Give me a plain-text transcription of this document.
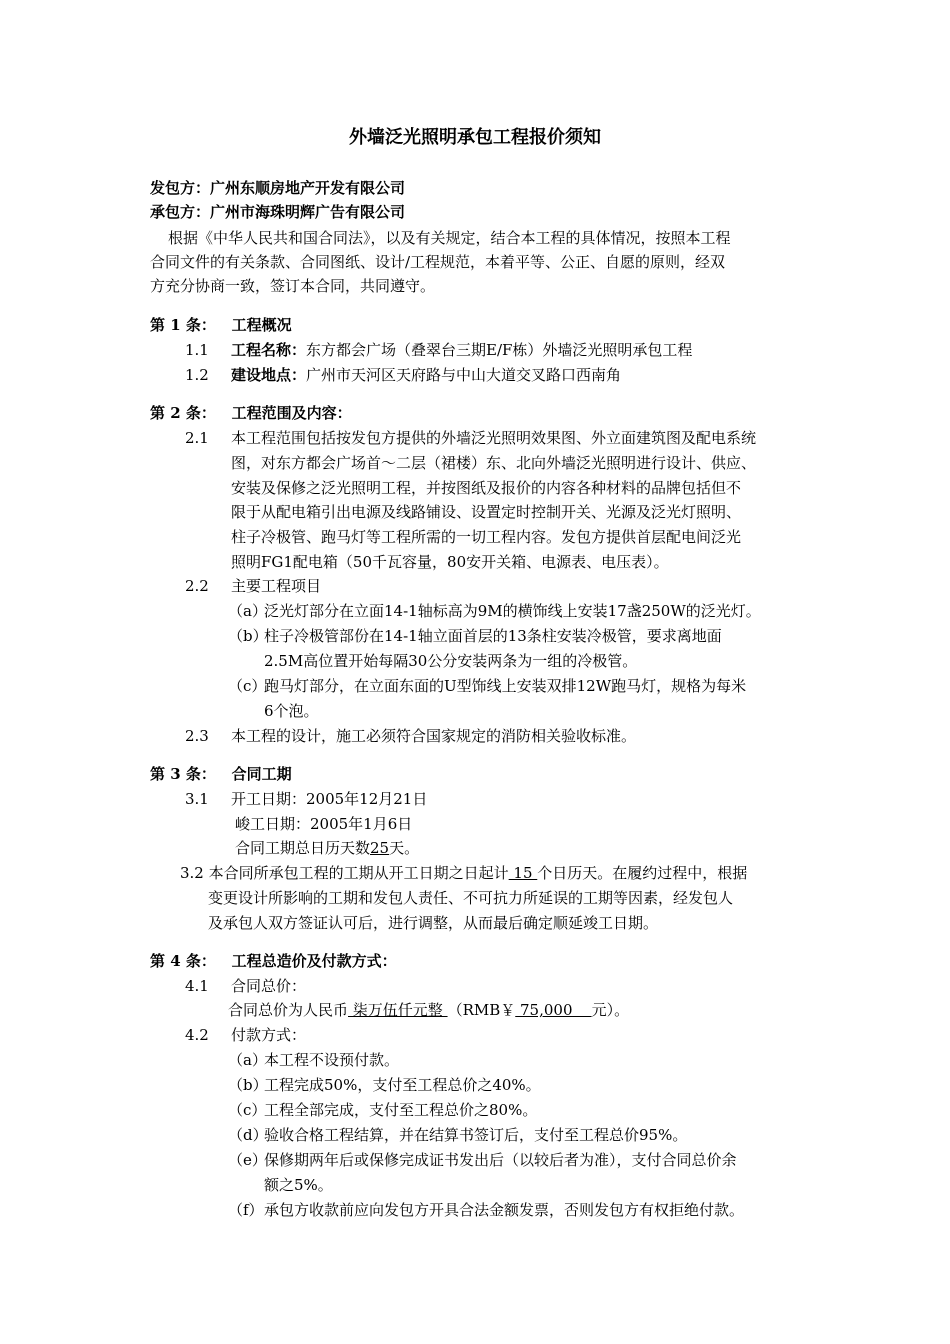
外墙泛光照明承包工程报价须知
发包方：广州东顺房地产开发有限公司
承包方：广州市海珠明辉广告有限公司
根据《中华人民共和国合同法》，以及有关规定，结合本工程的具体情况，按照本工程
合同文件的有关条款、合同图纸、设计/工程规范，本着平等、公正、自愿的原则，经双
方充分协商一致，签订本合同，共同遵守。
第 1 条： 工程概况
1.1 工程名称：东方都会广场（叠翠台三期E/F栋）外墙泛光照明承包工程
1.2 建设地点：广州市天河区天府路与中山大道交叉路口西南角
第 2 条： 工程范围及内容：
2.1 本工程范围包括按发包方提供的外墙泛光照明效果图、外立面建筑图及配电系统
图，对东方都会广场首～二层（裙楼）东、北向外墙泛光照明进行设计、供应、
安装及保修之泛光照明工程，并按图纸及报价的内容各种材料的品牌包括但不
限于从配电箱引出电源及线路铺设、设置定时控制开关、光源及泛光灯照明、
柱子冷极管、跑马灯等工程所需的一切工程内容。发包方提供首层配电间泛光
照明FG1配电箱（50千瓦容量，80安开关箱、电源表、电压表）。
2.2 主要工程项目
（a）泛光灯部分在立面14-1轴标高为9M的横饰线上安装17盏250W的泛光灯。
（b）柱子冷极管部份在14-1轴立面首层的13条柱安装冷极管，要求离地面
2.5M高位置开始每隔30公分安装两条为一组的冷极管。
（c）跑马灯部分，在立面东面的U型饰线上安装双排12W跑马灯，规格为每米
6个泡。
2.3 本工程的设计，施工必须符合国家规定的消防相关验收标准。
第 3 条： 合同工期
3.1 开工日期：2005年12月21日
峻工日期：2005年1月6日
合同工期总日历天数25天。
3.2 本合同所承包工程的工期从开工日期之日起计 15 个日历天。在履约过程中，根据
变更设计所影响的工期和发包人责任、不可抗力所延误的工期等因素，经发包人
及承包人双方签证认可后，进行调整，从而最后确定顺延竣工日期。
第 4 条： 工程总造价及付款方式：
4.1 合同总价：
合同总价为人民币 柒万伍仟元整 （RMB￥ 75,000    元）。
4.2 付款方式：
（a）本工程不设预付款。
（b）工程完成50%，支付至工程总价之40%。
（c）工程全部完成，支付至工程总价之80%。
（d）验收合格工程结算，并在结算书签订后，支付至工程总价95%。
（e）保修期两年后或保修完成证书发出后（以较后者为准），支付合同总价余
额之5%。
（f）承包方收款前应向发包方开具合法金额发票，否则发包方有权拒绝付款。
